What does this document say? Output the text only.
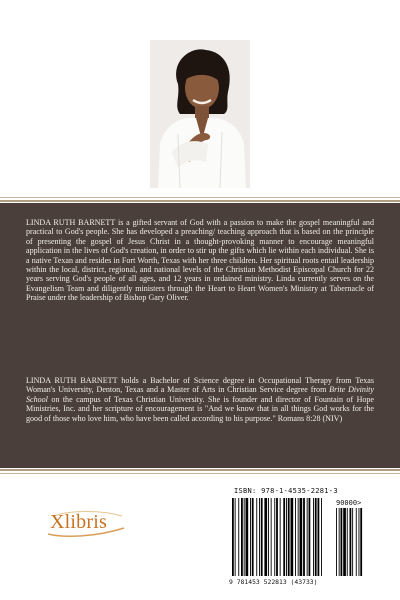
LINDA RUTH BARNETT is a gifted servant of God with a passion to make the gospel meaningful and practical to God's people. She has developed a preaching/ teaching approach that is based on the principle of presenting the gospel of Jesus Christ in a thought-provoking manner to encourage meaningful application in the lives of God's creation, in order to stir up the gifts which lie within each individual. She is a native Texan and resides in Fort Worth, Texas with her three children. Her spiritual roots entail leadership within the local, district, regional, and national levels of the Christian Methodist Episcopal Church for 22 years serving God's people of all ages, and 12 years in ordained ministry. Linda currently serves on the Evangelism Team and diligently ministers through the Heart to Heart Women's Ministry at Tabernacle of Praise under the leadership of Bishop Gary Oliver.

LINDA RUTH BARNETT holds a Bachelor of Science degree in Occupational Therapy from Texas Woman's University, Denton, Texas and a Master of Arts in Christian Service degree from Brite Divinity School on the campus of Texas Christian University. She is founder and director of Fountain of Hope Ministries, Inc. and her scripture of encouragement is "And we know that in all things God works for the good of those who love him, who have been called according to his purpose." Romans 8:28 (NIV)

Xlibris
ISBN: 978-1-4535-2281-3
90000>
9 781453 522813 (43733)
